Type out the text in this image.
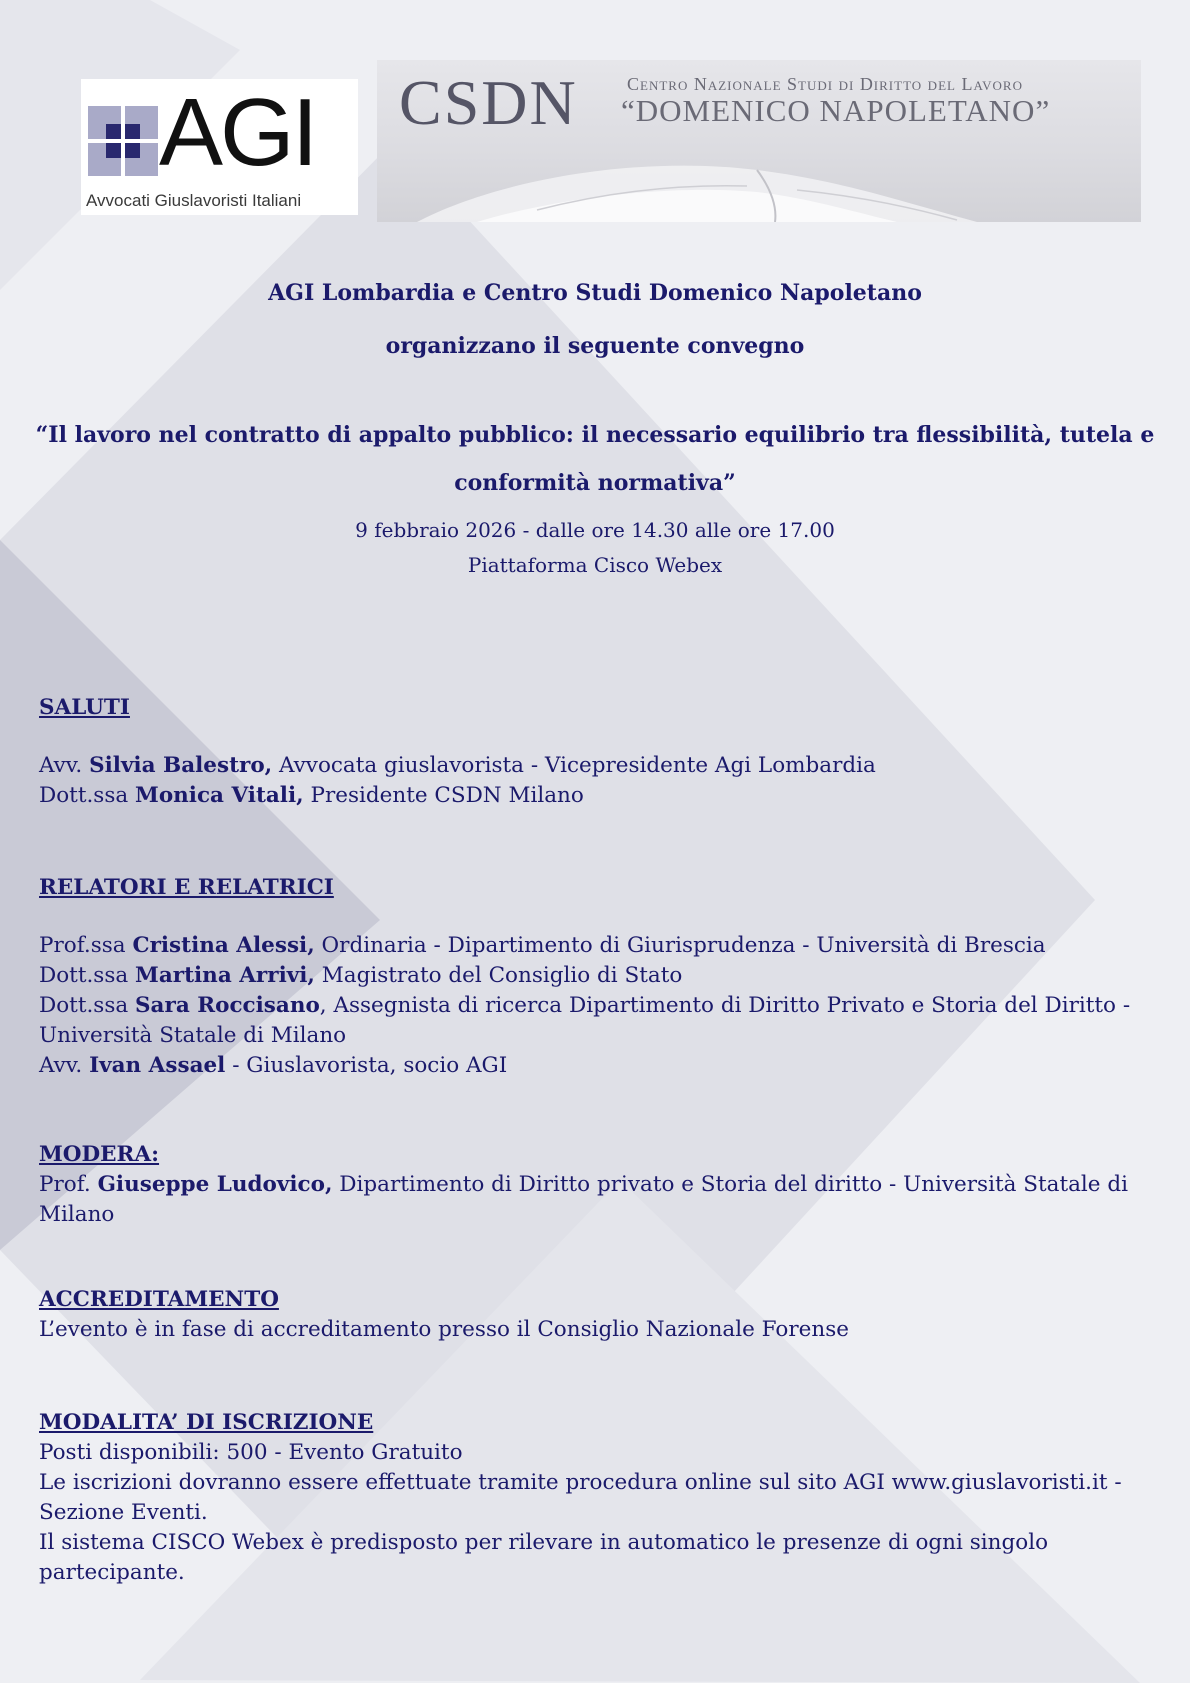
AGI
Avvocati Giuslavoristi Italiani
CSDN	Centro Nazionale Studi di Diritto del Lavoro
“DOMENICO NAPOLETANO”
AGI Lombardia e Centro Studi Domenico Napoletano
organizzano il seguente convegno
“Il lavoro nel contratto di appalto pubblico: il necessario equilibrio tra flessibilità, tutela e
conformità normativa”
9 febbraio 2026 - dalle ore 14.30 alle ore 17.00
Piattaforma Cisco Webex
SALUTI
Avv. Silvia Balestro, Avvocata giuslavorista - Vicepresidente Agi Lombardia
Dott.ssa Monica Vitali, Presidente CSDN Milano
RELATORI E RELATRICI
Prof.ssa Cristina Alessi, Ordinaria - Dipartimento di Giurisprudenza - Università di Brescia
Dott.ssa Martina Arrivi, Magistrato del Consiglio di Stato
Dott.ssa Sara Roccisano, Assegnista di ricerca Dipartimento di Diritto Privato e Storia del Diritto -
Università Statale di Milano
Avv. Ivan Assael - Giuslavorista, socio AGI
MODERA:
Prof. Giuseppe Ludovico, Dipartimento di Diritto privato e Storia del diritto - Università Statale di
Milano
ACCREDITAMENTO
L’evento è in fase di accreditamento presso il Consiglio Nazionale Forense
MODALITA’ DI ISCRIZIONE
Posti disponibili: 500 - Evento Gratuito
Le iscrizioni dovranno essere effettuate tramite procedura online sul sito AGI www.giuslavoristi.it -
Sezione Eventi.
Il sistema CISCO Webex è predisposto per rilevare in automatico le presenze di ogni singolo
partecipante.
